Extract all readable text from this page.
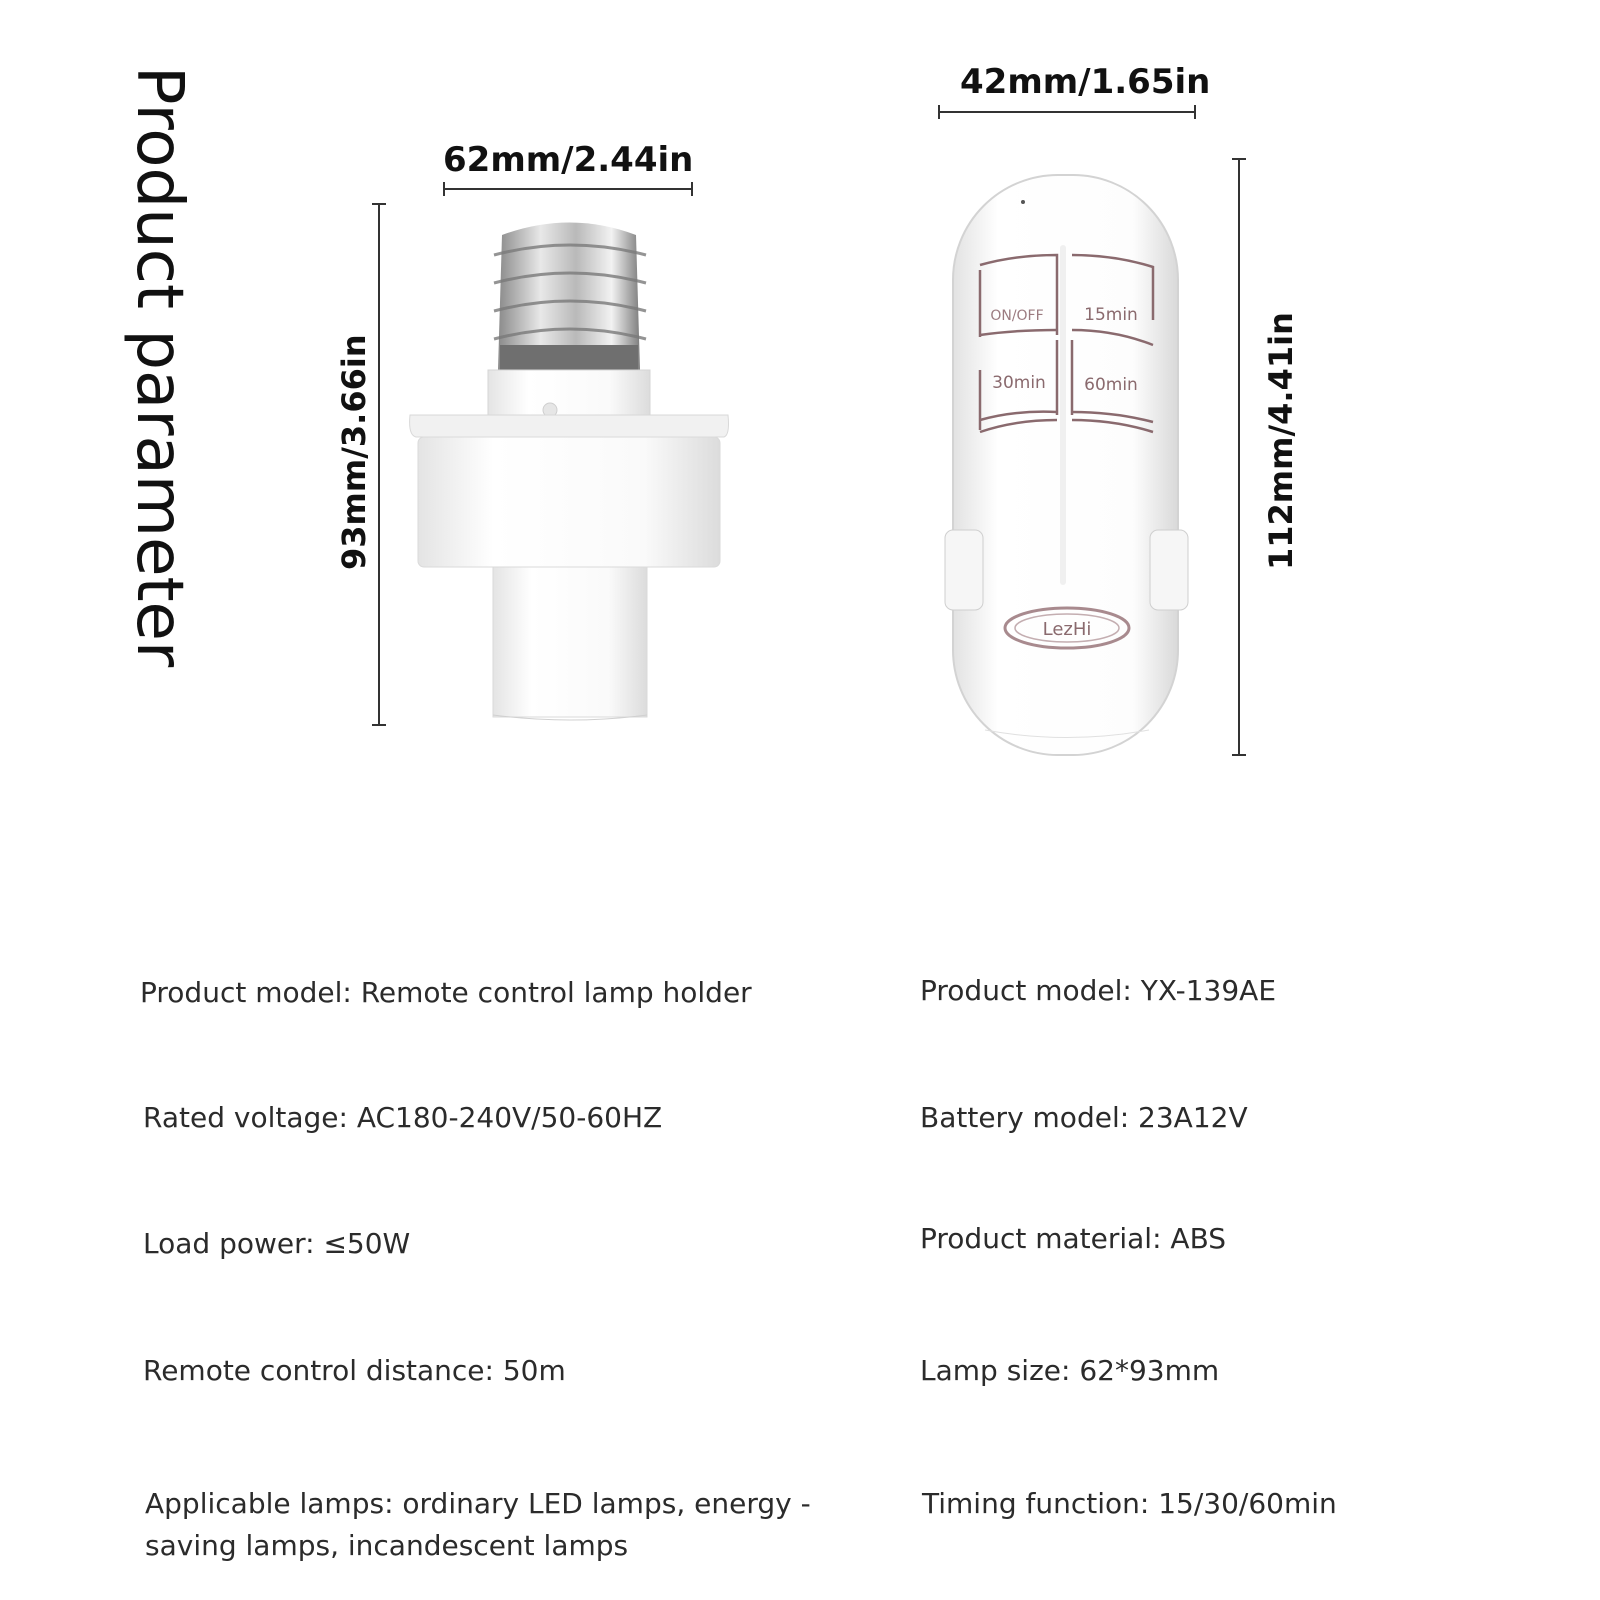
Product parameter	62mm/2.44in
93mm/3.66in
42mm/1.65in
112mm/4.41in
ON/OFF 15min
30min 60min
LezHi
Product model: Remote control lamp holder
Rated voltage: AC180-240V/50-60HZ
Load power: ≤50W
Remote control distance: 50m
Applicable lamps: ordinary LED lamps, energy -saving lamps, incandescent lamps
Product model: YX-139AE
Battery model: 23A12V
Product material: ABS
Lamp size: 62*93mm
Timing function: 15/30/60min
